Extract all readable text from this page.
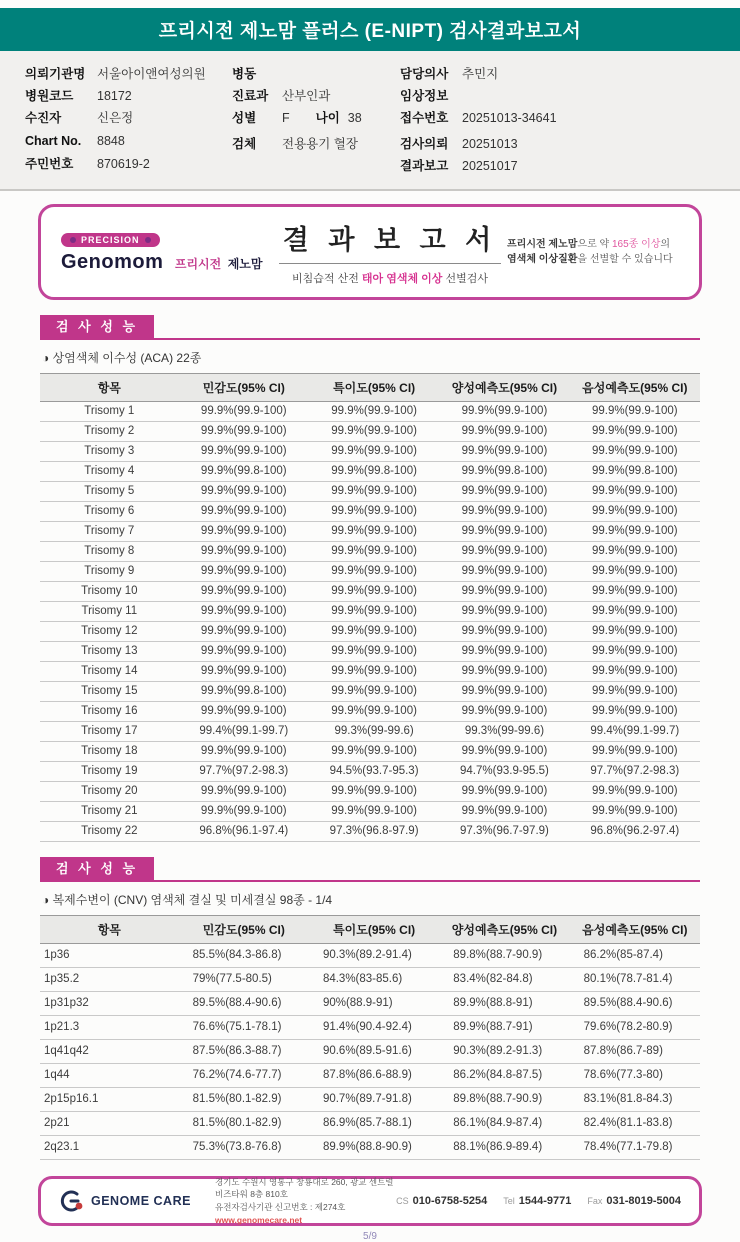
프리시전 제노맘 플러스 (E-NIPT) 검사결과보고서
의뢰기관명 서울아이앤여성의원
병원코드	18172
수진자	신은정
Chart No.	8848
주민번호	870619-2
병동
진료과	산부인과
성별	F 나이 38
검체	전용용기 혈장
담당의사	추민지
임상정보
접수번호	20251013-34641
검사의뢰	20251013
결과보고	20251017
PRECISION
Genomom 프리시전 제노맘
결 과 보 고 서
비침습적 산전 태아 염색체 이상 선별검사
프리시전 제노맘으로 약 165종 이상의 염색체 이상질환을 선별할 수 있습니다
검 사 성 능
◑ 상염색체 이수성 (ACA) 22종
항목	민감도(95% CI)	특이도(95% CI)	양성예측도(95% CI)	음성예측도(95% CI)
Trisomy 1	99.9%(99.9-100)	99.9%(99.9-100)	99.9%(99.9-100)	99.9%(99.9-100)
Trisomy 2	99.9%(99.9-100)	99.9%(99.9-100)	99.9%(99.9-100)	99.9%(99.9-100)
Trisomy 3	99.9%(99.9-100)	99.9%(99.9-100)	99.9%(99.9-100)	99.9%(99.9-100)
Trisomy 4	99.9%(99.8-100)	99.9%(99.8-100)	99.9%(99.8-100)	99.9%(99.8-100)
Trisomy 5	99.9%(99.9-100)	99.9%(99.9-100)	99.9%(99.9-100)	99.9%(99.9-100)
Trisomy 6	99.9%(99.9-100)	99.9%(99.9-100)	99.9%(99.9-100)	99.9%(99.9-100)
Trisomy 7	99.9%(99.9-100)	99.9%(99.9-100)	99.9%(99.9-100)	99.9%(99.9-100)
Trisomy 8	99.9%(99.9-100)	99.9%(99.9-100)	99.9%(99.9-100)	99.9%(99.9-100)
Trisomy 9	99.9%(99.9-100)	99.9%(99.9-100)	99.9%(99.9-100)	99.9%(99.9-100)
Trisomy 10	99.9%(99.9-100)	99.9%(99.9-100)	99.9%(99.9-100)	99.9%(99.9-100)
Trisomy 11	99.9%(99.9-100)	99.9%(99.9-100)	99.9%(99.9-100)	99.9%(99.9-100)
Trisomy 12	99.9%(99.9-100)	99.9%(99.9-100)	99.9%(99.9-100)	99.9%(99.9-100)
Trisomy 13	99.9%(99.9-100)	99.9%(99.9-100)	99.9%(99.9-100)	99.9%(99.9-100)
Trisomy 14	99.9%(99.9-100)	99.9%(99.9-100)	99.9%(99.9-100)	99.9%(99.9-100)
Trisomy 15	99.9%(99.8-100)	99.9%(99.9-100)	99.9%(99.9-100)	99.9%(99.9-100)
Trisomy 16	99.9%(99.9-100)	99.9%(99.9-100)	99.9%(99.9-100)	99.9%(99.9-100)
Trisomy 17	99.4%(99.1-99.7)	99.3%(99-99.6)	99.3%(99-99.6)	99.4%(99.1-99.7)
Trisomy 18	99.9%(99.9-100)	99.9%(99.9-100)	99.9%(99.9-100)	99.9%(99.9-100)
Trisomy 19	97.7%(97.2-98.3)	94.5%(93.7-95.3)	94.7%(93.9-95.5)	97.7%(97.2-98.3)
Trisomy 20	99.9%(99.9-100)	99.9%(99.9-100)	99.9%(99.9-100)	99.9%(99.9-100)
Trisomy 21	99.9%(99.9-100)	99.9%(99.9-100)	99.9%(99.9-100)	99.9%(99.9-100)
Trisomy 22	96.8%(96.1-97.4)	97.3%(96.8-97.9)	97.3%(96.7-97.9)	96.8%(96.2-97.4)
검 사 성 능
◑ 복제수변이 (CNV) 염색체 결실 및 미세결실 98종 - 1/4
항목	민감도(95% CI)	특이도(95% CI)	양성예측도(95% CI)	음성예측도(95% CI)
1p36	85.5%(84.3-86.8)	90.3%(89.2-91.4)	89.8%(88.7-90.9)	86.2%(85-87.4)
1p35.2	79%(77.5-80.5)	84.3%(83-85.6)	83.4%(82-84.8)	80.1%(78.7-81.4)
1p31p32	89.5%(88.4-90.6)	90%(88.9-91)	89.9%(88.8-91)	89.5%(88.4-90.6)
1p21.3	76.6%(75.1-78.1)	91.4%(90.4-92.4)	89.9%(88.7-91)	79.6%(78.2-80.9)
1q41q42	87.5%(86.3-88.7)	90.6%(89.5-91.6)	90.3%(89.2-91.3)	87.8%(86.7-89)
1q44	76.2%(74.6-77.7)	87.8%(86.6-88.9)	86.2%(84.8-87.5)	78.6%(77.3-80)
2p15p16.1	81.5%(80.1-82.9)	90.7%(89.7-91.8)	89.8%(88.7-90.9)	83.1%(81.8-84.3)
2p21	81.5%(80.1-82.9)	86.9%(85.7-88.1)	86.1%(84.9-87.4)	82.4%(81.1-83.8)
2q23.1	75.3%(73.8-76.8)	89.9%(88.8-90.9)	88.1%(86.9-89.4)	78.4%(77.1-79.8)
GENOME CARE
경기도 수원시 영통구 창룡대로 260, 광교 센트럴비즈타워 8층 810호
유전자검사기관 신고번호 : 제274호
www.genomecare.net
CS 010-6758-5254 Tel 1544-9771 Fax 031-8019-5004
5/9
